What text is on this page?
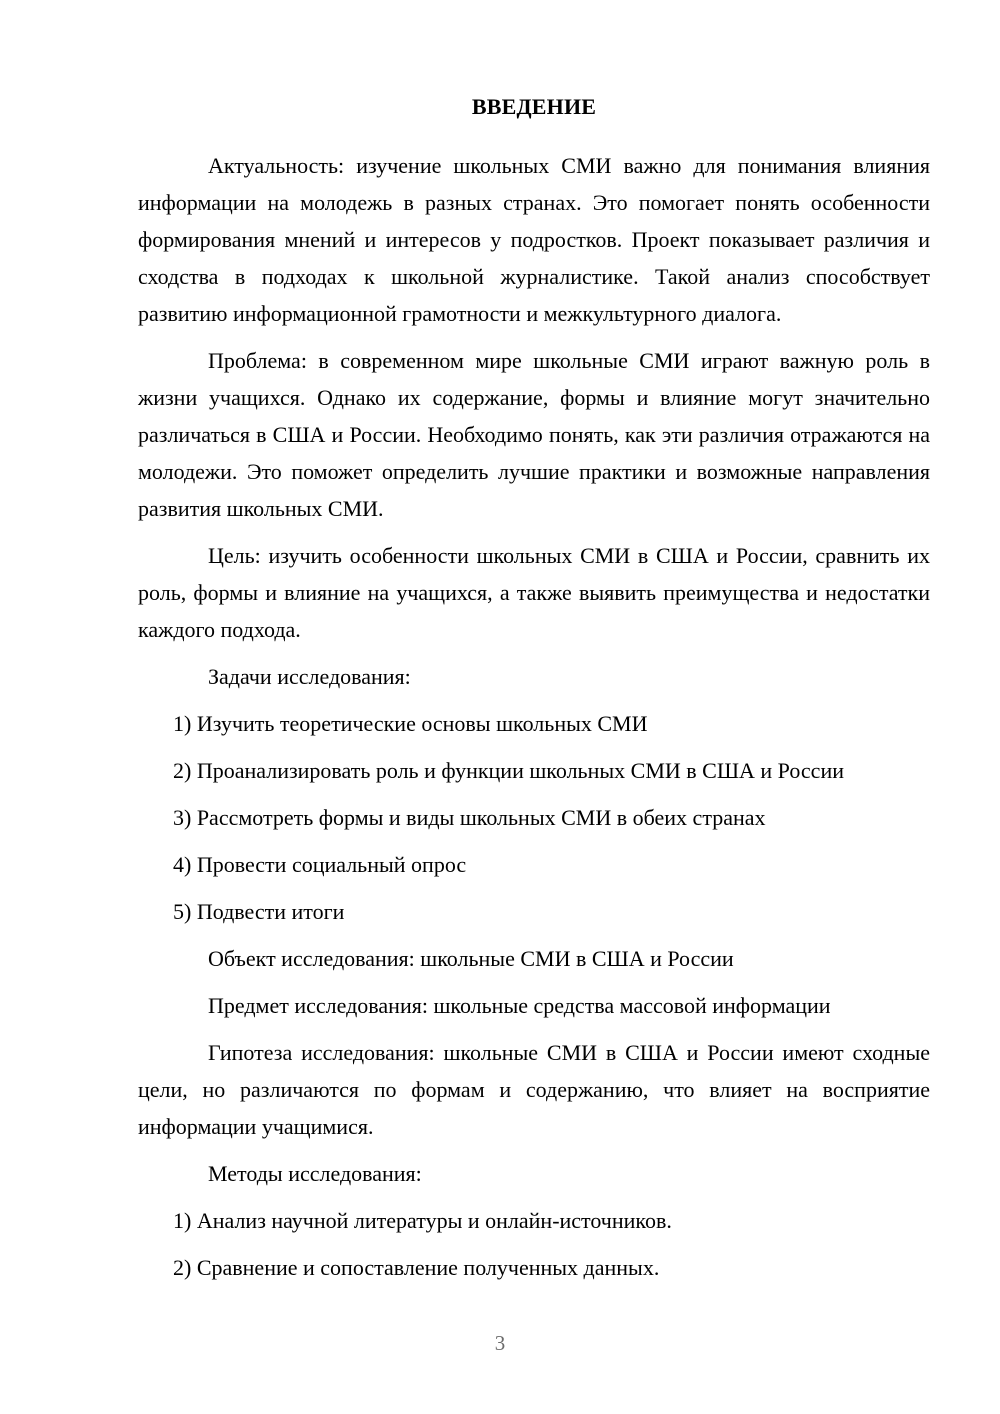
ВВЕДЕНИЕ

Актуальность: изучение школьных СМИ важно для понимания влияния информации на молодежь в разных странах. Это помогает понять особенности формирования мнений и интересов у подростков. Проект показывает различия и сходства в подходах к школьной журналистике. Такой анализ способствует развитию информационной грамотности и межкультурного диалога.

Проблема: в современном мире школьные СМИ играют важную роль в жизни учащихся. Однако их содержание, формы и влияние могут значительно различаться в США и России. Необходимо понять, как эти различия отражаются на молодежи. Это поможет определить лучшие практики и возможные направления развития школьных СМИ.

Цель: изучить особенности школьных СМИ в США и России, сравнить их роль, формы и влияние на учащихся, а также выявить преимущества и недостатки каждого подхода.

Задачи исследования:

1) Изучить теоретические основы школьных СМИ

2) Проанализировать роль и функции школьных СМИ в США и России

3) Рассмотреть формы и виды школьных СМИ в обеих странах

4) Провести социальный опрос

5) Подвести итоги

Объект исследования: школьные СМИ в США и России

Предмет исследования: школьные средства массовой информации

Гипотеза исследования: школьные СМИ в США и России имеют сходные цели, но различаются по формам и содержанию, что влияет на восприятие информации учащимися.

Методы исследования:

1) Анализ научной литературы и онлайн-источников.

2) Сравнение и сопоставление полученных данных.

3
